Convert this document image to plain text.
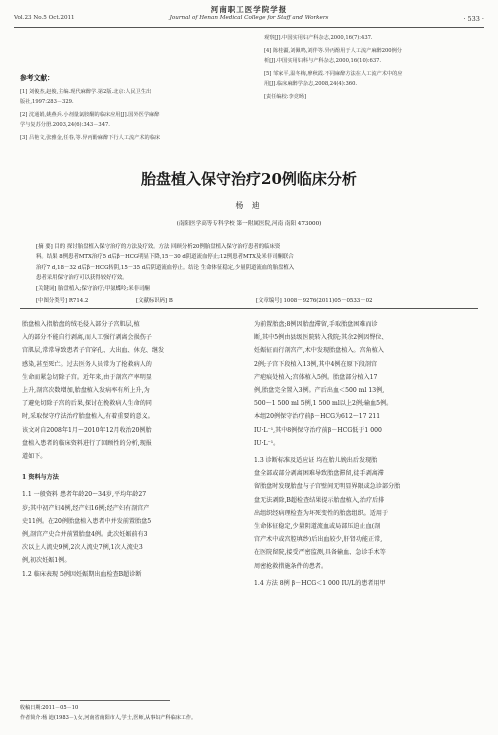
河南职工医学院学报
Vol.23 No.5 Oct.2011	Journal of Henan Medical College for Staff and Workers	· 533 ·
参考文献：
[1] 刘俊杰,赵俊,主编.现代麻醉学.第2版.北京:人民卫生出
版社,1997:283－329.
[2] 沈通娟,姚燕兵.小剂量氯胺酮的临床应用[J].国外医学麻醉
学与复苏分册.2003,24(6):343－347.
[3] 吕艳文,张雅金,任春,等.异丙酚麻醉下行人工流产术的临床
观察[J].中国实用妇产科杂志,2000,16(7):437.
[4] 陈桂疆,刘佩鸣,刘伴等.异丙酚用于人工流产麻醉200例分
析[J].中国实用妇科与产科杂志,2000,16(10):637.
[5] 邹家平,温冬梅,廖秋霞.不同麻醉方法在人工流产术中的应
用[J].临床麻醉学杂志,2008,24(4):360.
[责任编校:李竞旸]
胎盘植入保守治疗20例临床分析
杨 迪
(南阳医学高等专科学校 第一附属医院,河南 南阳 473000)
[摘 要] 目的 探讨胎盘植入保守治疗的方法及疗效。方法 回顾分析20例胎盘植入保守治疗患者的临床资
料。结果 8例患者MTX治疗5 d后β－HCG明显下降,15－30 d阴道流血停止;12例患者MTX及米非司酮联合
治疗7 d,18－32 d后β－HCG转阴,15－35 d后阴道流血停止。结论 生命体征稳定,少量阴道流血的胎盘植入
患者采用保守治疗可以获得较好疗效。
[关键词] 胎盘植入;保守治疗;甲氨蝶呤;米非司酮
[中图分类号] R714.2	[文献标识码] B	[文章编号] 1008－9276(2011)05－0533－02

胎盘植入指胎盘的绒毛侵入部分子宫肌层,植

入的部分不能自行剥离,而人工强行剥离会损伤子

宫肌层,常常导致患者子宫穿孔、大出血、休克、继发

感染,甚至死亡。过去医务人员常为了抢救病人的

生命而紧急切除子宫。近年来,由于剖宫产率明显

上升,剖宫次数增加,胎盘植入发病率有所上升,为

了避免切除子宫的后果,探讨在挽救病人生命的同

时,采取保守疗法治疗胎盘植入,有着重要的意义。

该文对自2008年1月～2010年12月收治20例胎

盘植入患者的临床资料进行了回顾性的分析,现报

道如下。

1 资料与方法

1.1 一般资料 患者年龄20～34岁,平均年龄27

岁;其中初产妇4例,经产妇16例;经产妇有剖宫产

史11例。在20例胎盘植入患者中并发前置胎盘5

例,剖宫产史合并前置胎盘4例。此次妊娠前有3

次以上人流史9例,2次人流史7例,1次人流史3

例,初次妊娠1例。

1.2 临床表现 5例因妊娠期出血检查B超诊断

为前置胎盘;8例因胎盘滞留,手取胎盘困难而诊

断,其中5例由县级医院转入我院;其余2例因臀位、

妊娠征而行剖宫产,术中发现胎盘植入。宫角植入

2例;子宫下段植入13例,其中4例在原下段剖宫

产疤痕处植入;宫体植入5例。胎盘部分植入17

例,胎盘完全置入3例。产后出血＜500 ml 13例,

500～1 500 ml 5例,1 500 ml以上2例;输血5例。

本组20例保守治疗前β－HCG为612～17 211

IU·L⁻¹,其中8例保守治疗前β－HCG低于1 000

IU·L⁻¹。

1.3 诊断标准及适应证 均在胎儿娩出后发现胎

盘全部或部分剥离困难导致胎盘滞留,徒手剥离滞

留胎盘时发现胎盘与子宫壁间无明显界限或急诊部分胎

盘无法剥除,B超检查结果提示胎盘植入,治疗后排

出组织经病理检查为坏死变性的胎盘组织。适用于

生命体征稳定,少量阴道流血或局部压迫止血(剖

宫产术中或宫腔填纱)后出血较少,肝肾功能正常,

在医院留院,接受严密监测,具备输血、急诊手术等

周密抢救措施条件的患者。

1.4 方法 8例 β－HCG＜1 000 IU/L的患者用甲

收稿日期:2011－05－10
作者简介:杨 迪(1983－),女,河南省南阳市人,学士,医师,从事妇产科临床工作。
